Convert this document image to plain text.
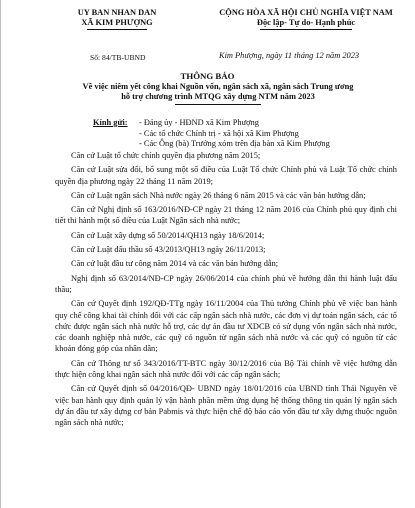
UY BAN NHAN DAN
XÃ KIM PHƯỢNG
CỘNG HÒA XÃ HỘI CHỦ NGHĨA VIỆT NAM
Độc lập- Tự do- Hạnh phúc
Số: 84/TB-UBND	Kim Phượng, ngày 11 tháng 12 năm 2023
THÔNG BÁO
Về việc niêm yết công khai Nguồn vốn, ngân sách xã, ngân sách Trung ương
hỗ trợ chương trình MTQG xây dựng NTM năm 2023
Kính gửi: - Đảng ủy - HĐND xã Kim Phượng
- Các tổ chức Chính trị - xã hội xã Kim Phượng
- Các Ông (bà) Trưởng xóm trên địa bàn xã Kim Phượng

Căn cứ Luật tổ chức chính quyền địa phương năm 2015;

Căn cứ Luật sửa đổi, bổ sung một số điều của Luật Tổ chức Chính phủ và Luật Tổ chức chính quyền địa phương ngày 22 tháng 11 năm 2019;

Căn cứ Luật ngân sách Nhà nước ngày 26 tháng 6 năm 2015 và các văn bản hướng dẫn;

Căn cứ Nghị định số 163/2016/NĐ-CP ngày 21 tháng 12 năm 2016 của Chính phủ quy định chi tiết thi hành một số điều của Luật Ngân sách nhà nước;

Căn cứ Luật xây dựng số 50/2014/QH13 ngày 18/6/2014;

Căn cứ Luật đấu thầu số 43/2013/QH13 ngày 26/11/2013;

Căn cứ luật đầu tư công năm 2014 và các văn bản hướng dẫn;

Nghị định số 63/2014/NĐ-CP ngày 26/06/2014 của chính phủ về hướng dẫn thi hành luật đấu thầu;

Căn cứ Quyết định 192/QĐ-TTg ngày 16/11/2004 của Thủ tướng Chính phủ về việc ban hành quy chế công khai tài chính đối với các cấp ngân sách nhà nước, các đơn vị dự toán ngân sách, các tổ chức được ngân sách nhà nước hỗ trợ, các dự án đầu tư XDCB có sử dụng vốn ngân sách nhà nước, các doanh nghiệp nhà nước, các quỹ có nguồn từ ngân sách nhà nước và các quỹ có nguồn từ các khoản đóng góp của nhân dân;

Căn cứ Thông tư số 343/2016/TT-BTC ngày 30/12/2016 của Bộ Tài chính về việc hướng dẫn thực hiện công khai ngân sách nhà nước đối với các cấp ngân sách;

Căn cứ Quyết định số 04/2016/QĐ- UBND ngày 18/01/2016 của UBND tỉnh Thái Nguyên về việc ban hành quy định quản lý vận hành phần mềm ứng dụng hệ thống thông tin quản lý ngân sách dự án đầu tư xây dựng cơ bản Pabmis và thực hiện chế độ báo cáo vốn đầu tư xây dựng thuộc nguồn ngân sách nhà nước;
